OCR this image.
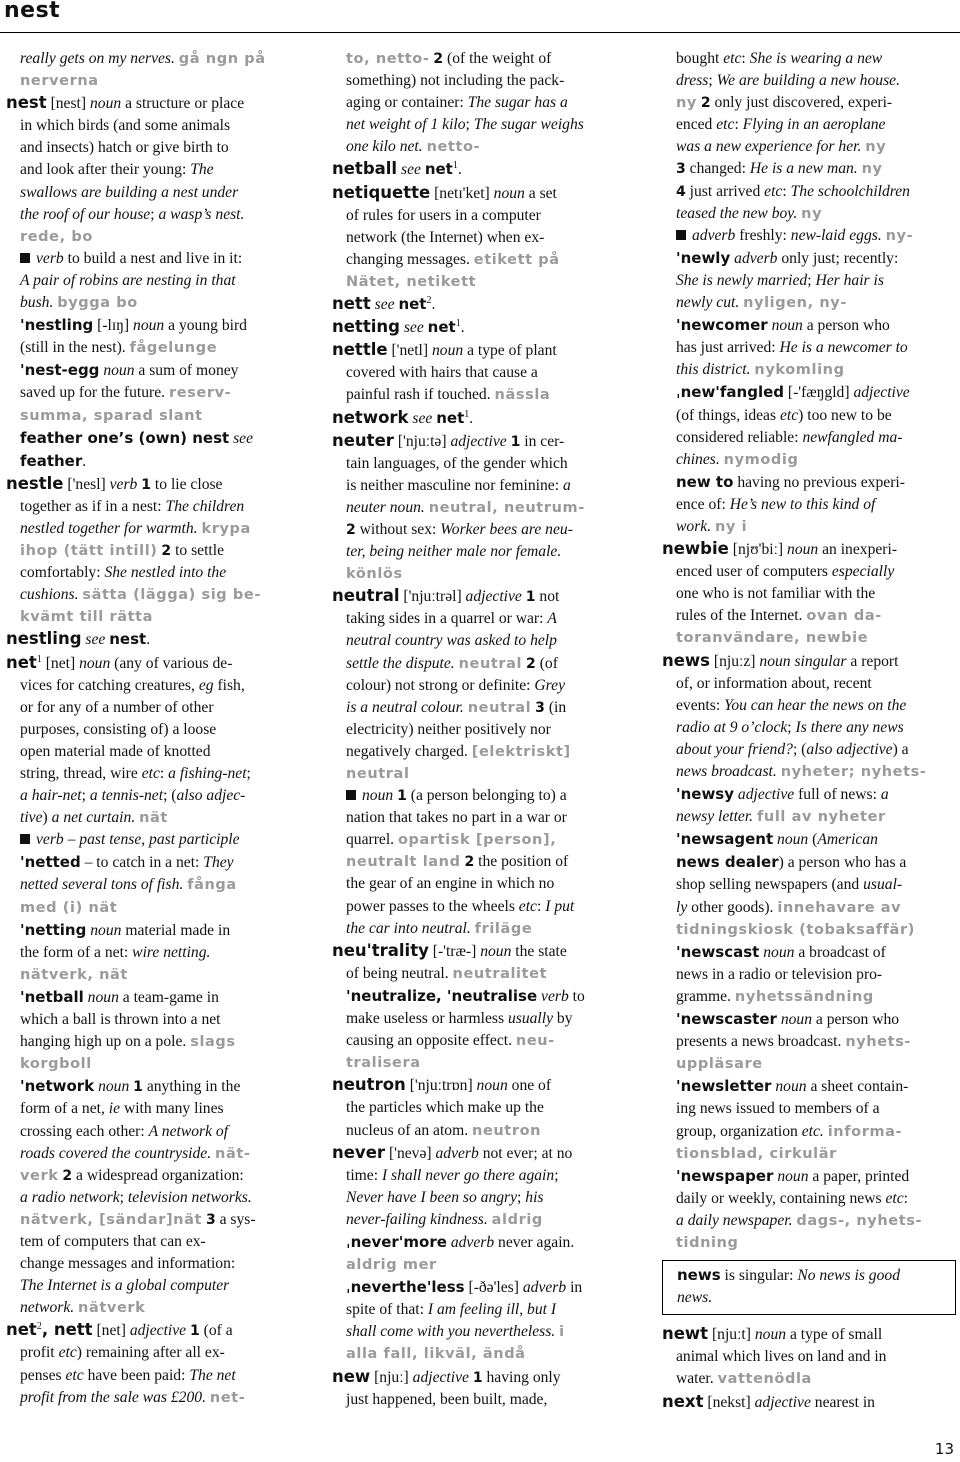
nest

really gets on my nerves. gå ngn på

nerverna

nest [nest] noun a structure or place

in which birds (and some animals

and insects) hatch or give birth to

and look after their young: The

swallows are building a nest under

the roof of our house; a wasp’s nest.

rede, bo

verb to build a nest and live in it:

A pair of robins are nesting in that

bush. bygga bo

'nestling [-lɪŋ] noun a young bird

(still in the nest). fågelunge

'nest-egg noun a sum of money

saved up for the future. reserv-

summa, sparad slant

feather one’s (own) nest see

feather.

nestle ['nesl] verb 1 to lie close

together as if in a nest: The children

nestled together for warmth. krypa

ihop (tätt intill) 2 to settle

comfortably: She nestled into the

cushions. sätta (lägga) sig be-

kvämt till rätta

nestling see nest.

net$^1$ [net] noun (any of various de-

vices for catching creatures, eg fish,

or for any of a number of other

purposes, consisting of) a loose

open material made of knotted

string, thread, wire etc: a fishing-net;

a hair-net; a tennis-net; (also adjec-

tive) a net curtain. nät

verb – past tense, past participle

'netted – to catch in a net: They

netted several tons of fish. fånga

med (i) nät

'netting noun material made in

the form of a net: wire netting.

nätverk, nät

'netball noun a team-game in

which a ball is thrown into a net

hanging high up on a pole. slags

korgboll

'network noun 1 anything in the

form of a net, ie with many lines

crossing each other: A network of

roads covered the countryside. nät-

verk 2 a widespread organization:

a radio network; television networks.

nätverk, [sändar]nät 3 a sys-

tem of computers that can ex-

change messages and information:

The Internet is a global computer

network. nätverk

net$^2$, nett [net] adjective 1 (of a

profit etc) remaining after all ex-

penses etc have been paid: The net

profit from the sale was £200. net-

to, netto- 2 (of the weight of

something) not including the pack-

aging or container: The sugar has a

net weight of 1 kilo; The sugar weighs

one kilo net. netto-

netball see net$^1$.

netiquette [netɪ'ket] noun a set

of rules for users in a computer

network (the Internet) when ex-

changing messages. etikett på

Nätet, netikett

nett see net$^2$.

netting see net$^1$.

nettle ['netl] noun a type of plant

covered with hairs that cause a

painful rash if touched. nässla

network see net$^1$.

neuter ['njuːtə] adjective 1 in cer-

tain languages, of the gender which

is neither masculine nor feminine: a

neuter noun. neutral, neutrum-

2 without sex: Worker bees are neu-

ter, being neither male nor female.

könlös

neutral ['njuːtrəl] adjective 1 not

taking sides in a quarrel or war: A

neutral country was asked to help

settle the dispute. neutral 2 (of

colour) not strong or definite: Grey

is a neutral colour. neutral 3 (in

electricity) neither positively nor

negatively charged. [elektriskt]

neutral

noun 1 (a person belonging to) a

nation that takes no part in a war or

quarrel. opartisk [person],

neutralt land 2 the position of

the gear of an engine in which no

power passes to the wheels etc: I put

the car into neutral. friläge

neu'trality [-'træ-] noun the state

of being neutral. neutralitet

'neutralize, 'neutralise verb to

make useless or harmless usually by

causing an opposite effect. neu-

tralisera

neutron ['njuːtrɒn] noun one of

the particles which make up the

nucleus of an atom. neutron

never ['nevə] adverb not ever; at no

time: I shall never go there again;

Never have I been so angry; his

never-failing kindness. aldrig

ˌnever'more adverb never again.

aldrig mer

ˌneverthe'less [-ðə'les] adverb in

spite of that: I am feeling ill, but I

shall come with you nevertheless. i

alla fall, likväl, ändå

new [njuː] adjective 1 having only

just happened, been built, made,

bought etc: She is wearing a new

dress; We are building a new house.

ny 2 only just discovered, experi-

enced etc: Flying in an aeroplane

was a new experience for her. ny

3 changed: He is a new man. ny

4 just arrived etc: The schoolchildren

teased the new boy. ny

adverb freshly: new-laid eggs. ny-

'newly adverb only just; recently:

She is newly married; Her hair is

newly cut. nyligen, ny-

'newcomer noun a person who

has just arrived: He is a newcomer to

this district. nykomling

ˌnew'fangled [-'fæŋgld] adjective

(of things, ideas etc) too new to be

considered reliable: newfangled ma-

chines. nymodig

new to having no previous experi-

ence of: He’s new to this kind of

work. ny i

newbie [njʊ'biː] noun an inexperi-

enced user of computers especially

one who is not familiar with the

rules of the Internet. ovan da-

toranvändare, newbie

news [njuːz] noun singular a report

of, or information about, recent

events: You can hear the news on the

radio at 9 o’clock; Is there any news

about your friend?; (also adjective) a

news broadcast. nyheter; nyhets-

'newsy adjective full of news: a

newsy letter. full av nyheter

'newsagent noun (American

news dealer) a person who has a

shop selling newspapers (and usual-

ly other goods). innehavare av

tidningskiosk (tobaksaffär)

'newscast noun a broadcast of

news in a radio or television pro-

gramme. nyhetssändning

'newscaster noun a person who

presents a news broadcast. nyhets-

uppläsare

'newsletter noun a sheet contain-

ing news issued to members of a

group, organization etc. informa-

tionsblad, cirkulär

'newspaper noun a paper, printed

daily or weekly, containing news etc:

a daily newspaper. dags-, nyhets-

tidning

news is singular: No news is good

news.

newt [njuːt] noun a type of small

animal which lives on land and in

water. vattenödla

next [nekst] adjective nearest in

13
